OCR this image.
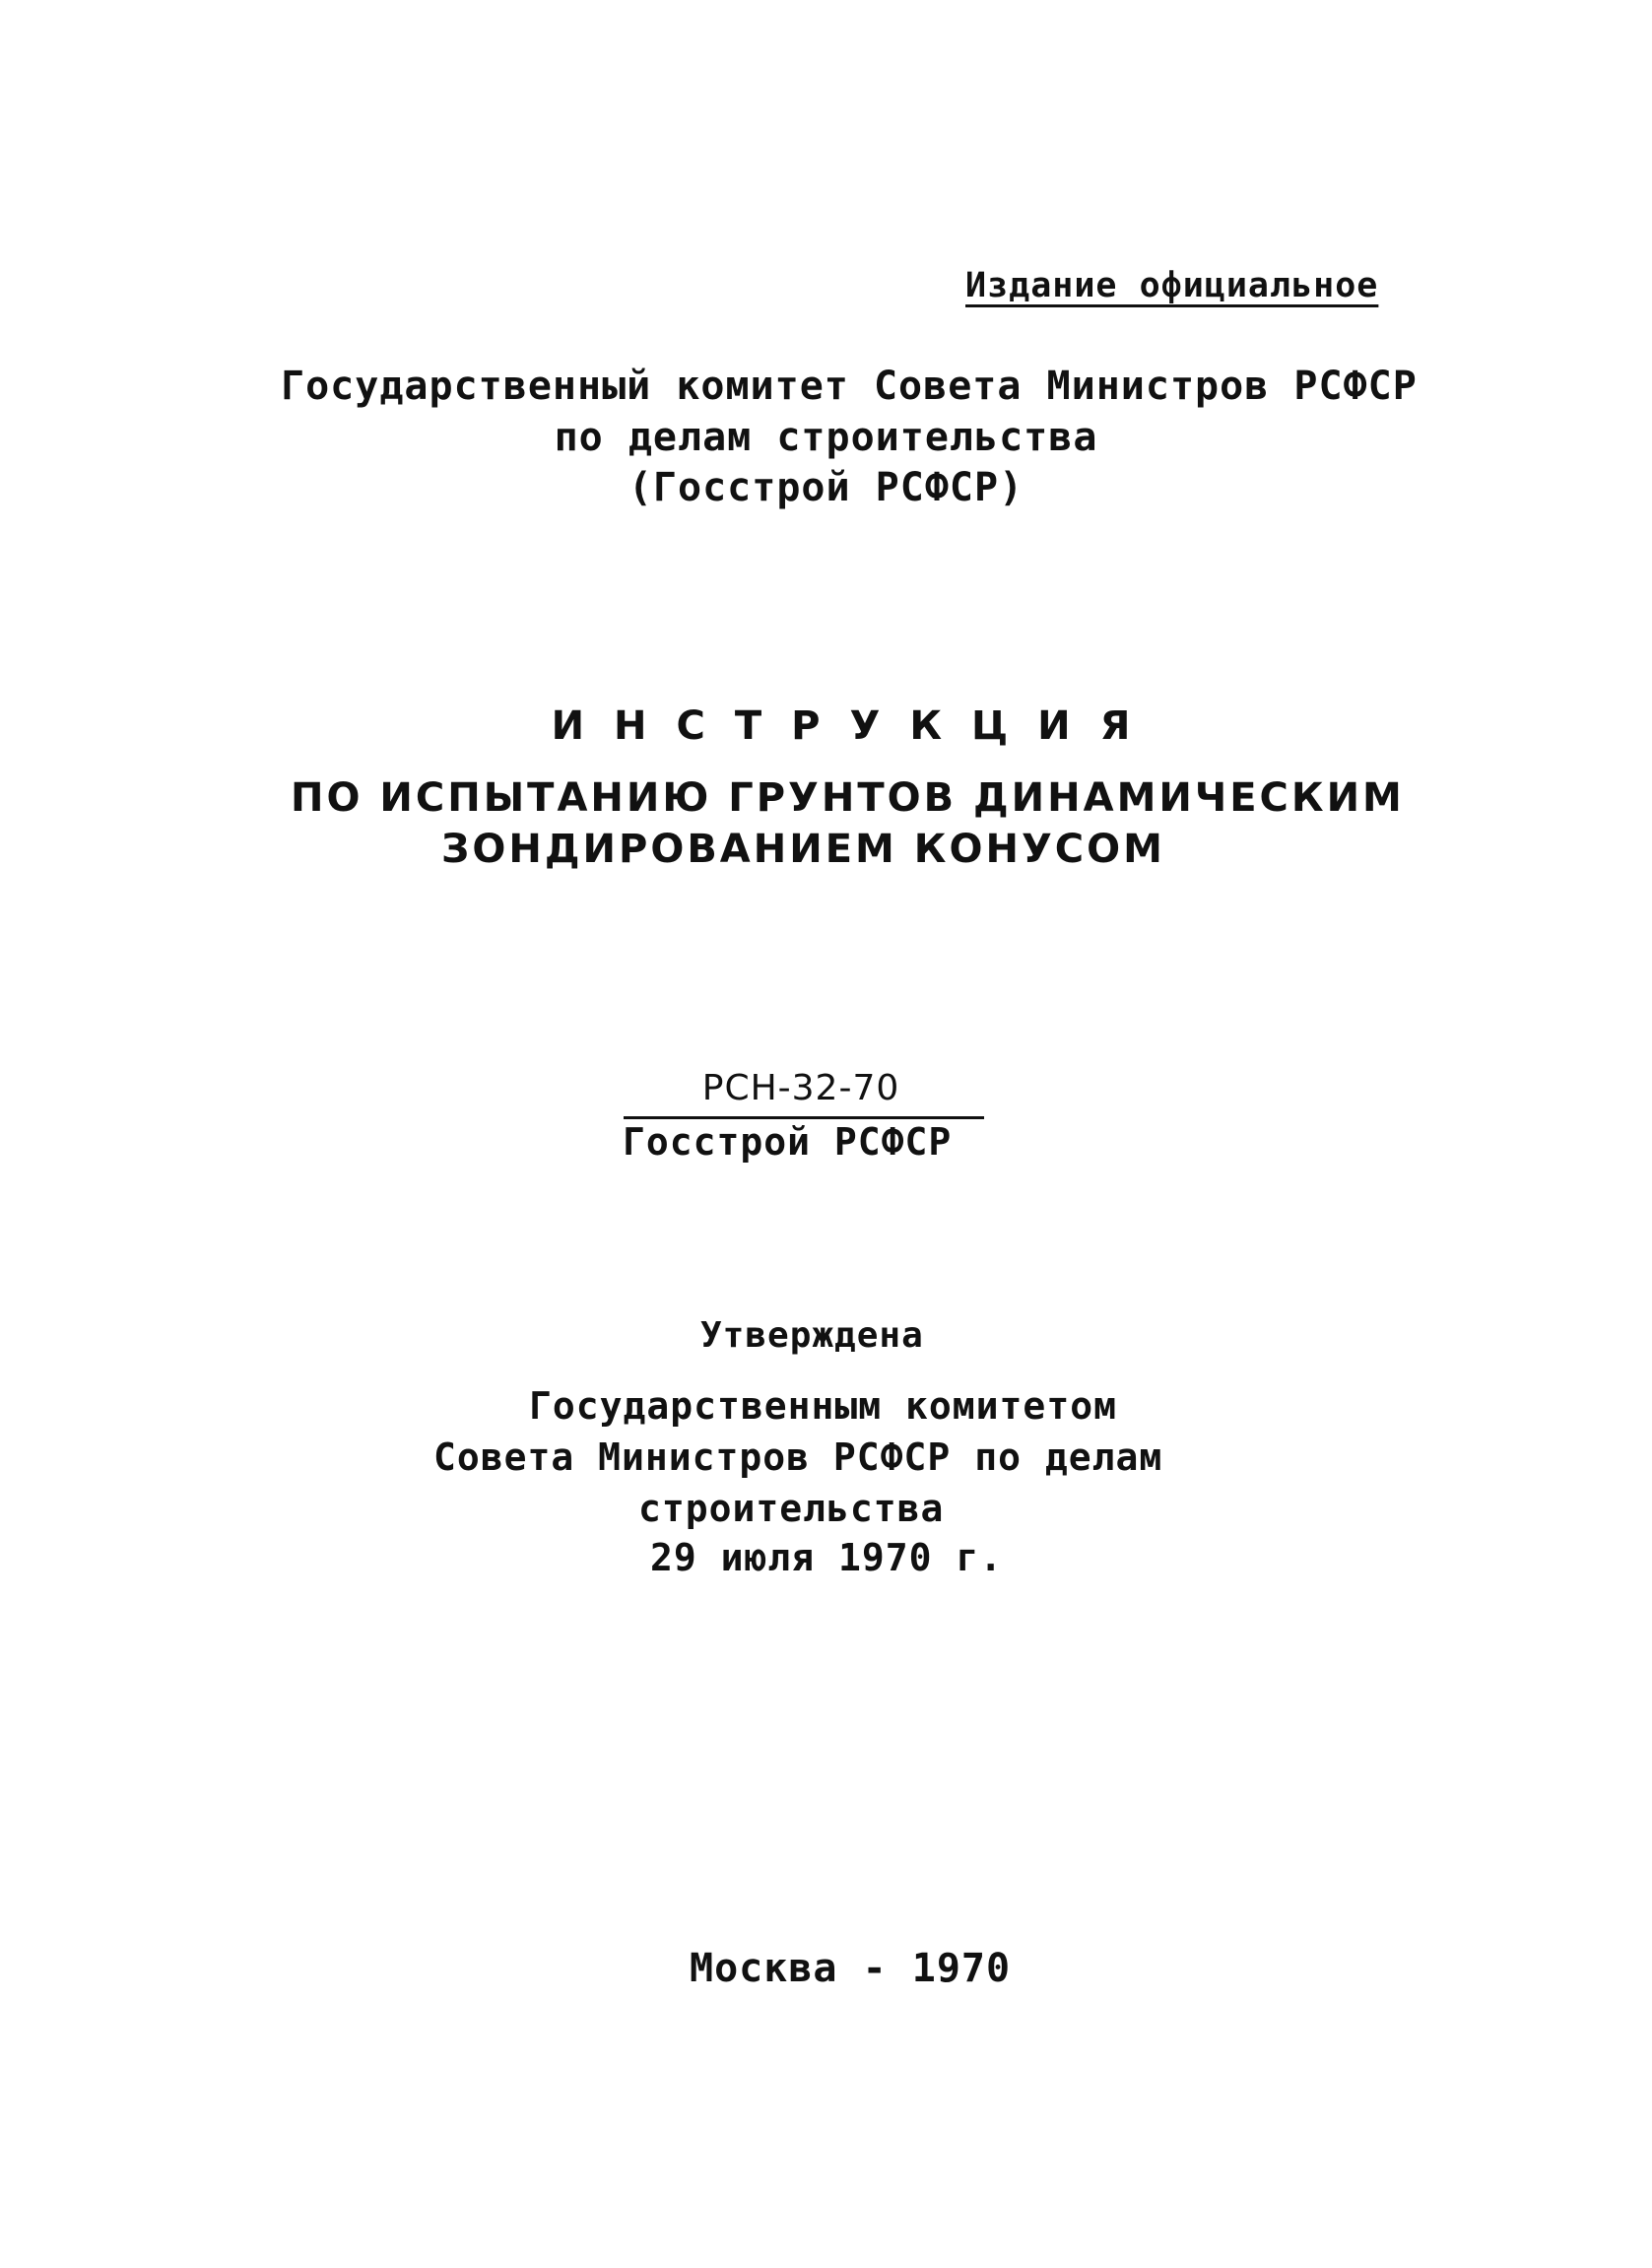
Издание официальное
Государственный комитет Совета Министров РСФСР
по делам строительства
(Госстрой РСФСР)
ИНСТРУКЦИЯ
ПО ИСПЫТАНИЮ ГРУНТОВ ДИНАМИЧЕСКИМ
ЗОНДИРОВАНИЕМ КОНУСОМ
РСН-32-70
Госстрой РСФСР
Утверждена
Государственным комитетом
Совета Министров РСФСР по делам
строительства
29 июля 1970 г.
Москва - 1970
